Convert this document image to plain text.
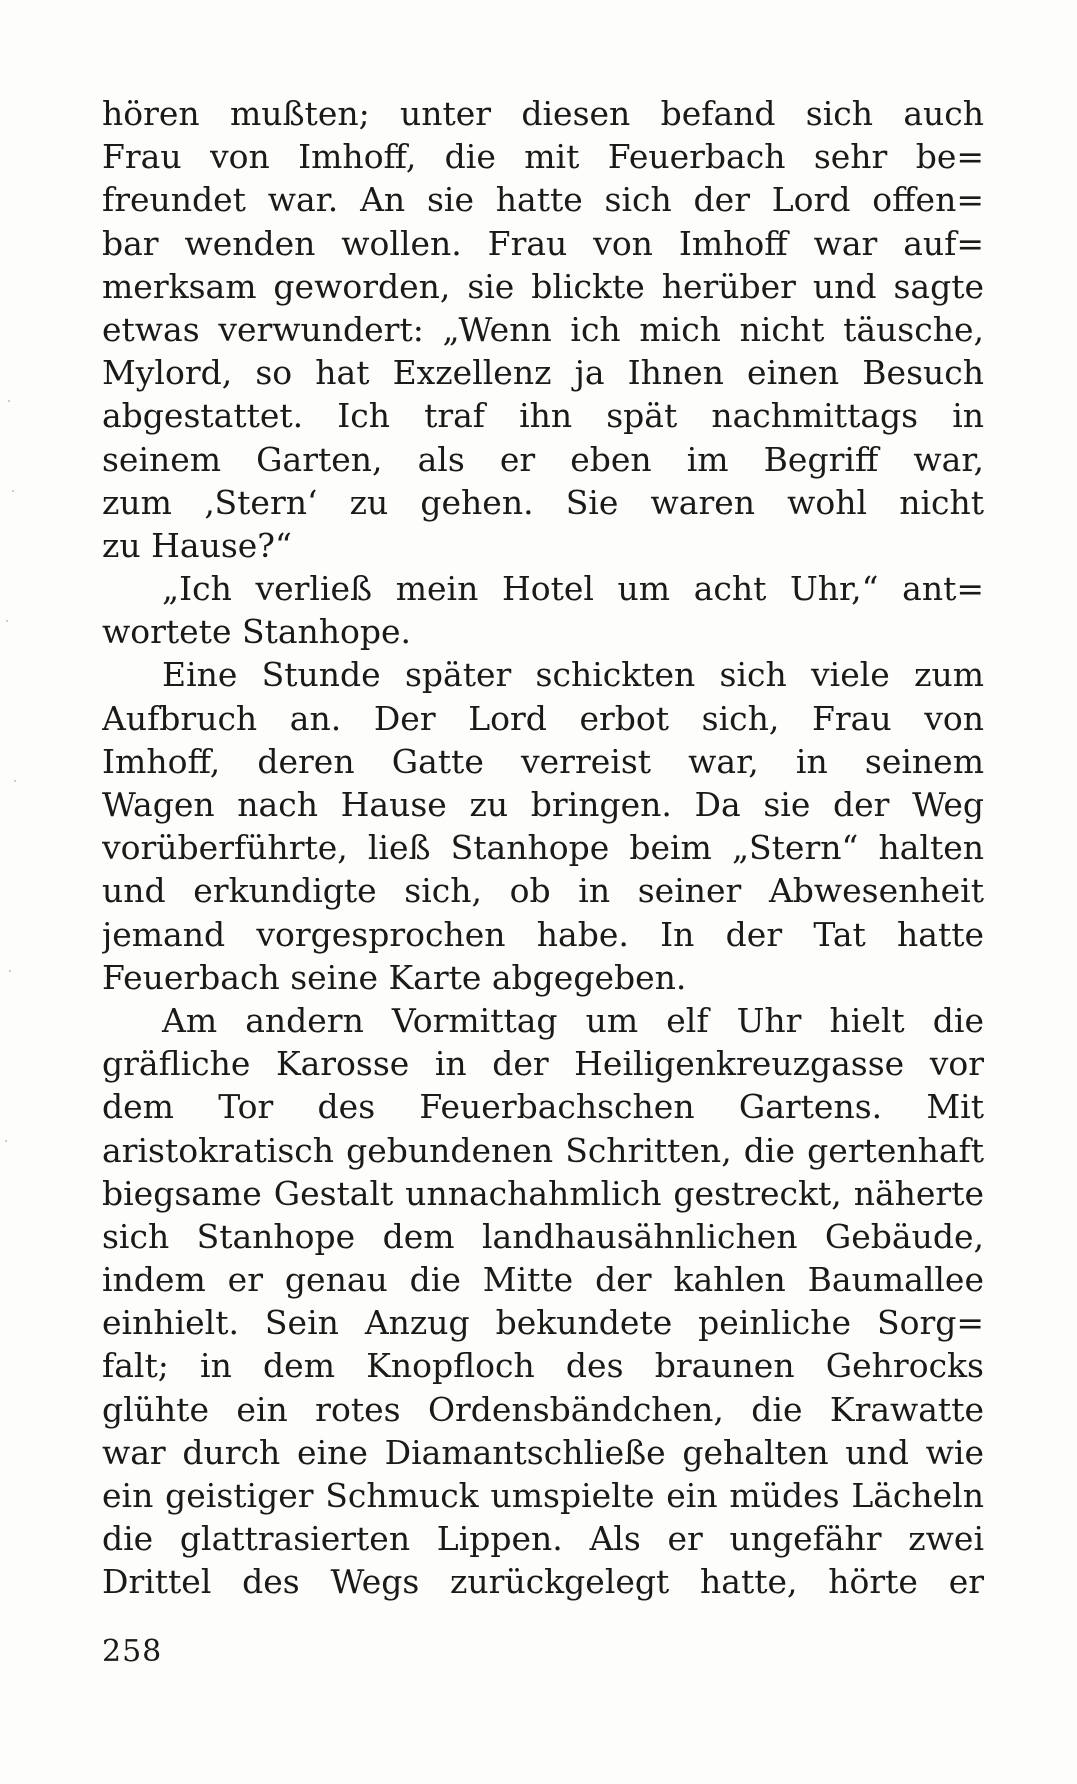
hören mußten; unter diesen befand sich auch
Frau von Imhoff, die mit Feuerbach sehr be=
freundet war. An sie hatte sich der Lord offen=
bar wenden wollen. Frau von Imhoff war auf=
merksam geworden, sie blickte herüber und sagte
etwas verwundert: „Wenn ich mich nicht täusche,
Mylord, so hat Exzellenz ja Ihnen einen Besuch
abgestattet. Ich traf ihn spät nachmittags in
seinem Garten, als er eben im Begriff war,
zum ‚Stern‘ zu gehen. Sie waren wohl nicht
zu Hause?“
„Ich verließ mein Hotel um acht Uhr,“ ant=
wortete Stanhope.
Eine Stunde später schickten sich viele zum
Aufbruch an. Der Lord erbot sich, Frau von
Imhoff, deren Gatte verreist war, in seinem
Wagen nach Hause zu bringen. Da sie der Weg
vorüberführte, ließ Stanhope beim „Stern“ halten
und erkundigte sich, ob in seiner Abwesenheit
jemand vorgesprochen habe. In der Tat hatte
Feuerbach seine Karte abgegeben.
Am andern Vormittag um elf Uhr hielt die
gräfliche Karosse in der Heiligenkreuzgasse vor
dem Tor des Feuerbachschen Gartens. Mit
aristokratisch gebundenen Schritten, die gertenhaft
biegsame Gestalt unnachahmlich gestreckt, näherte
sich Stanhope dem landhausähnlichen Gebäude,
indem er genau die Mitte der kahlen Baumallee
einhielt. Sein Anzug bekundete peinliche Sorg=
falt; in dem Knopfloch des braunen Gehrocks
glühte ein rotes Ordensbändchen, die Krawatte
war durch eine Diamantschließe gehalten und wie
ein geistiger Schmuck umspielte ein müdes Lächeln
die glattrasierten Lippen. Als er ungefähr zwei
Drittel des Wegs zurückgelegt hatte, hörte er
258
